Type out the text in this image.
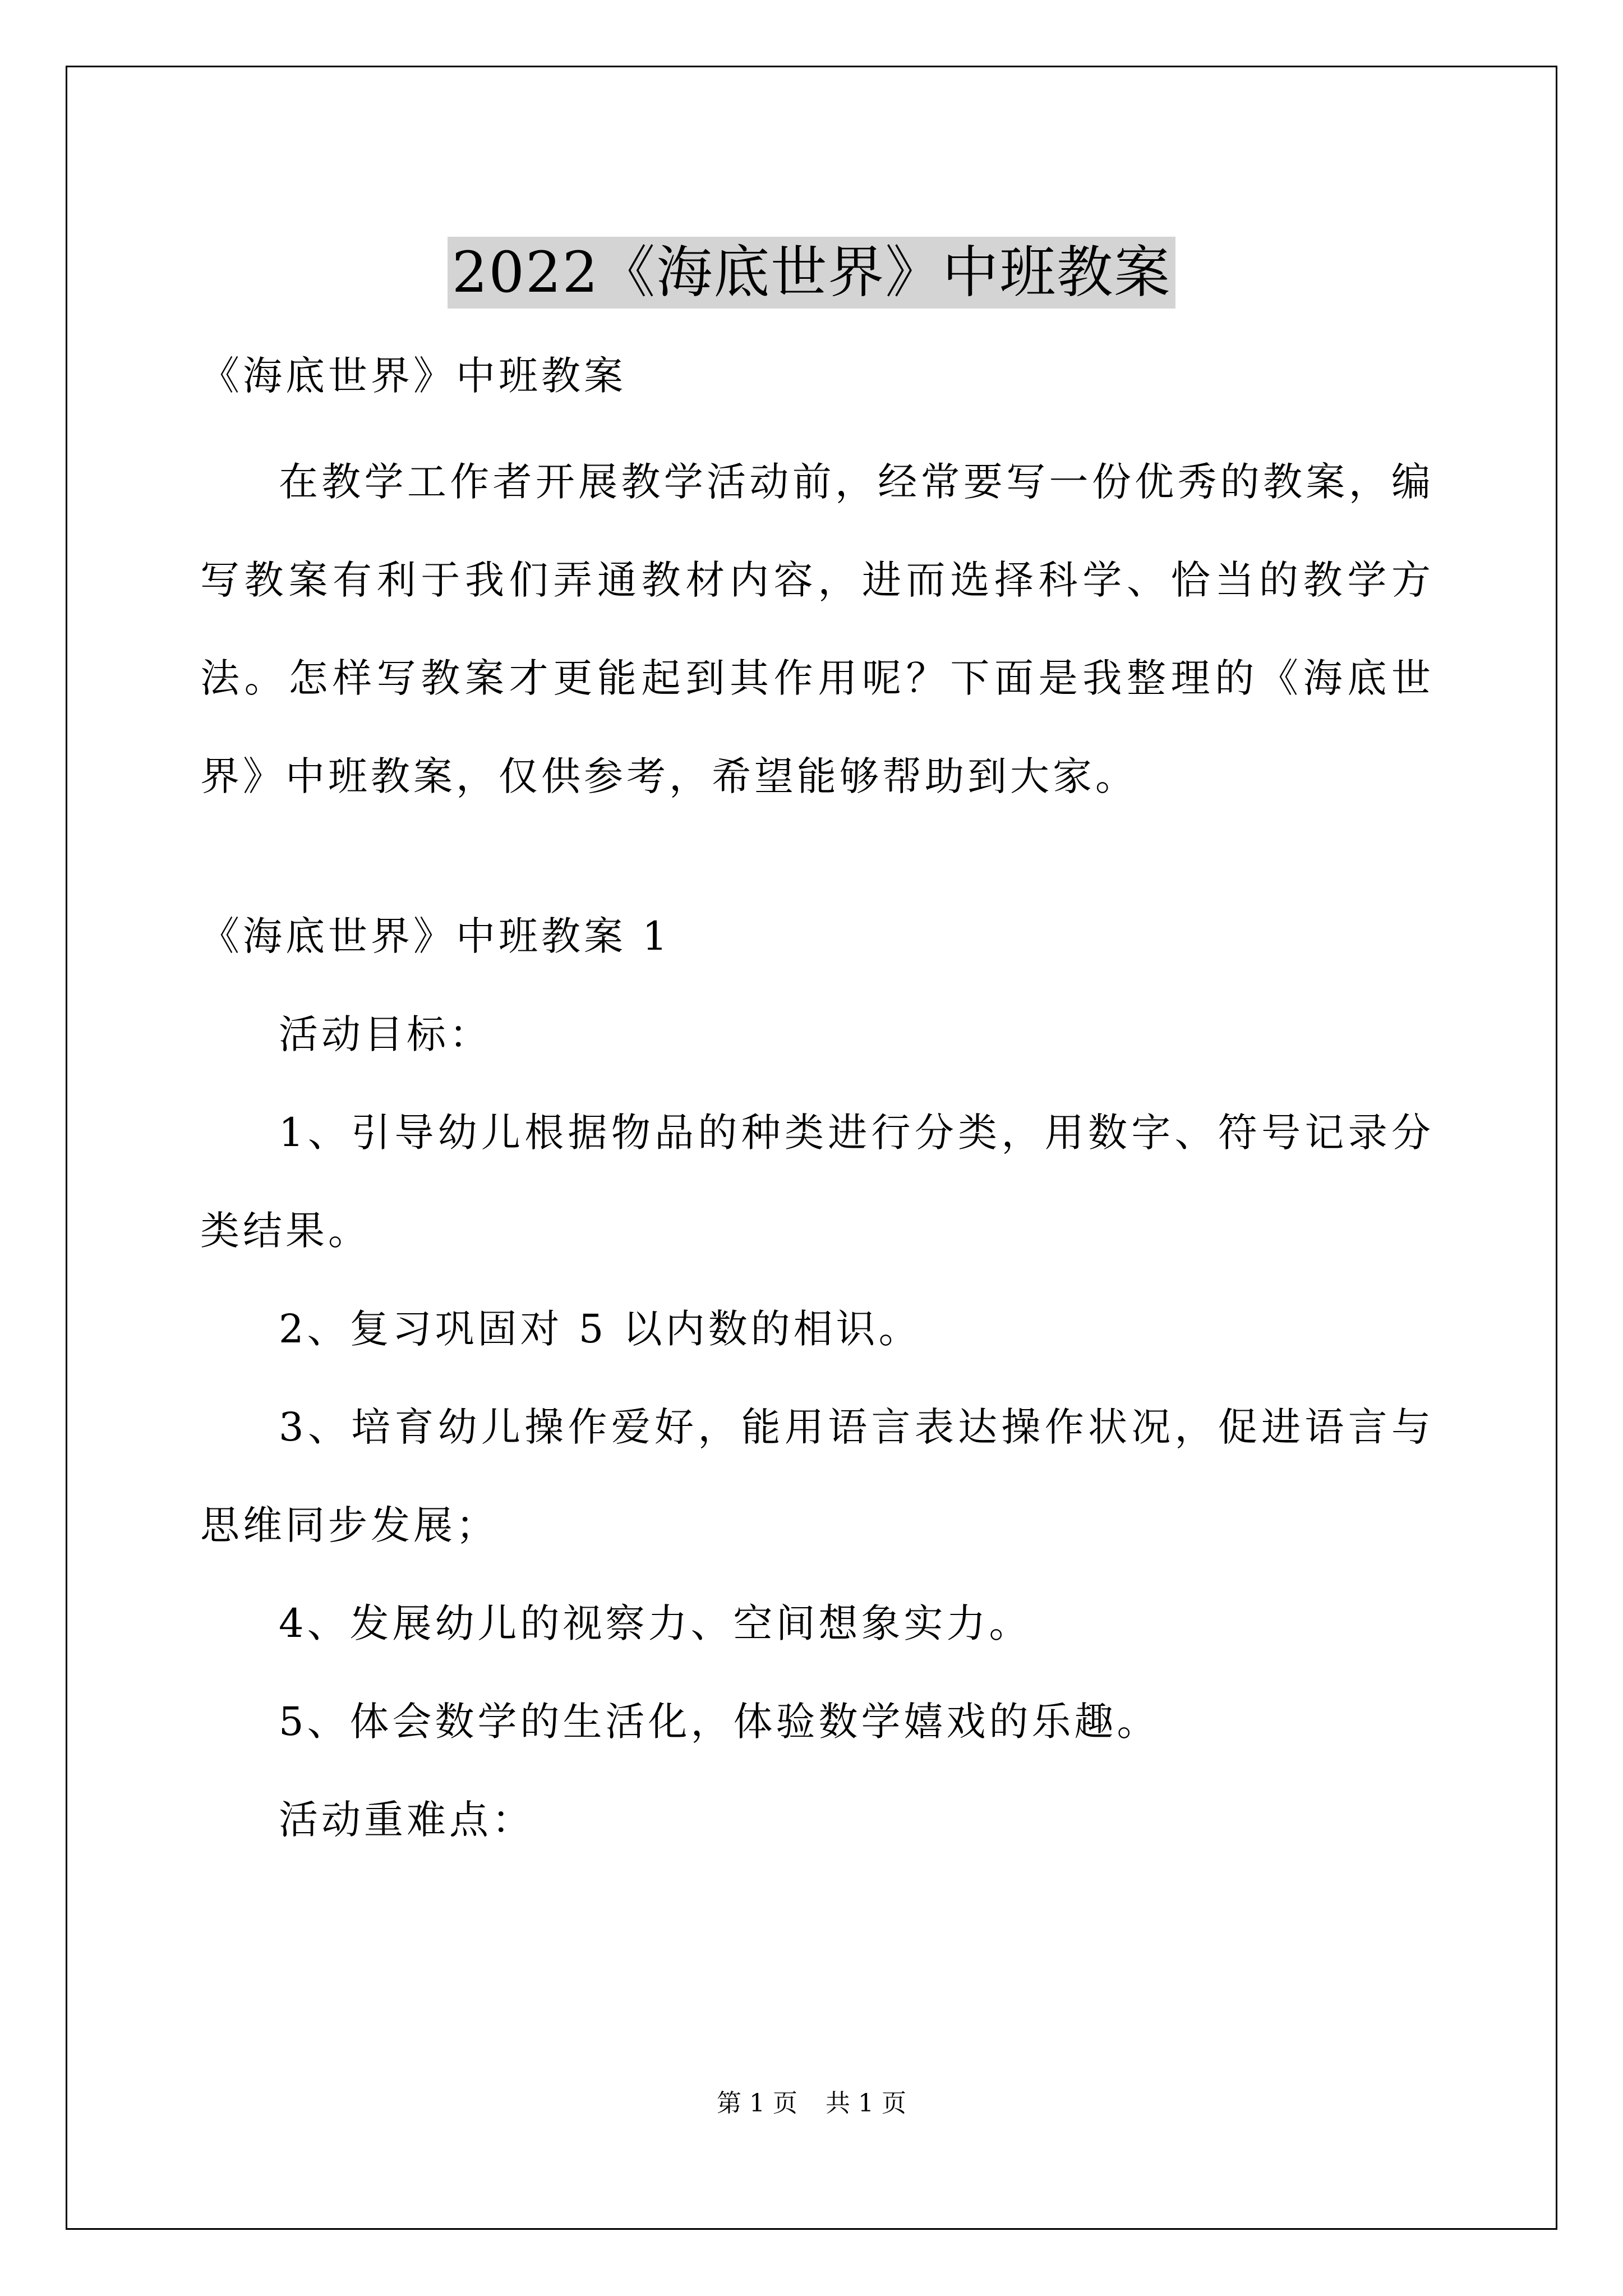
2022《海底世界》中班教案

《海底世界》中班教案

在教学工作者开展教学活动前，经常要写一份优秀的教案，编写教案有利于我们弄通教材内容，进而选择科学、恰当的教学方法。怎样写教案才更能起到其作用呢？下面是我整理的《海底世界》中班教案，仅供参考，希望能够帮助到大家。

《海底世界》中班教案 1

活动目标：

1、引导幼儿根据物品的种类进行分类，用数字、符号记录分类结果。

2、复习巩固对 5 以内数的相识。

3、培育幼儿操作爱好，能用语言表达操作状况，促进语言与思维同步发展；

4、发展幼儿的视察力、空间想象实力。

5、体会数学的生活化，体验数学嬉戏的乐趣。

活动重难点：

第 1 页 共 1 页
